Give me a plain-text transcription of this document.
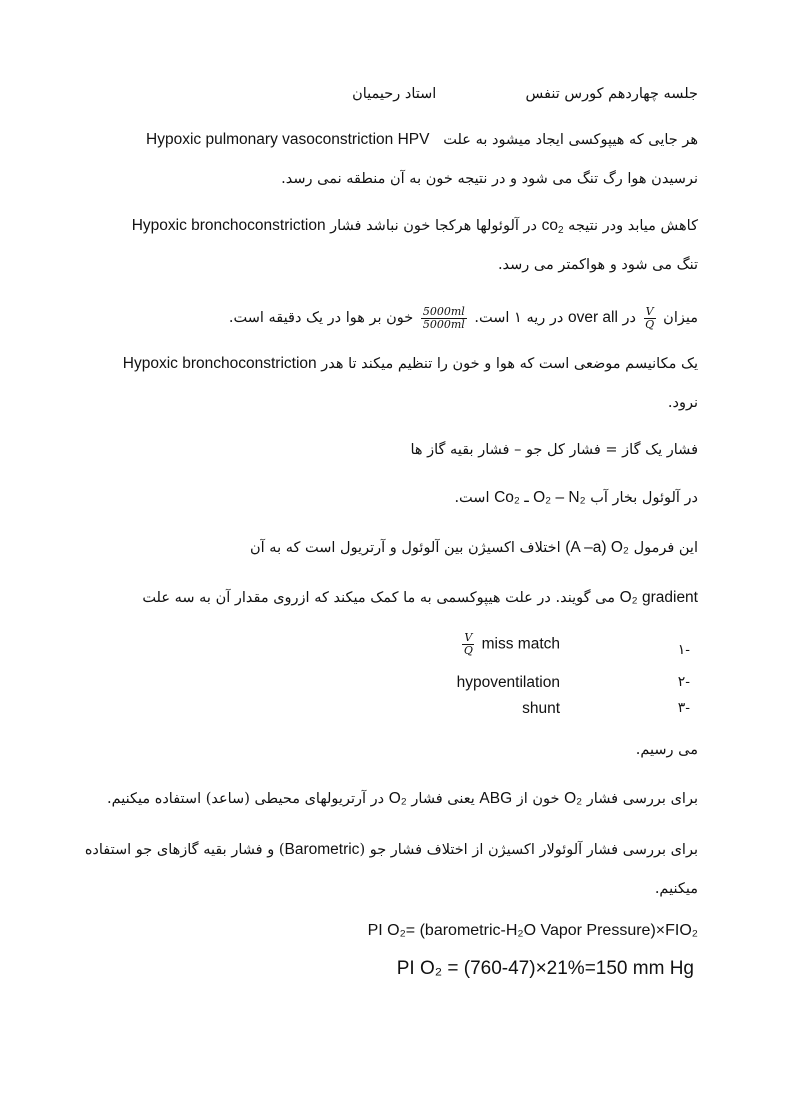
جلسه چهاردهم کورس تنفس  استاد رحیمیان
Hypoxic pulmonary vasoconstriction HPV هر جایی که هیپوکسی ایجاد میشود به علت
نرسیدن هوا رگ تنگ می شود و در نتیجه خون به آن منطقه نمی رسد.
Hypoxic bronchoconstriction در آلوئولها هرکجا خون نباشد فشار $co_2$ کاهش میابد ودر نتیجه
تنگ می شود و هواکمتر می رسد.
میزان
$\frac{V}{Q}$
در over all در ریه ۱ است.
$\frac{5000ml}{5000ml}$
خون بر هوا در یک دقیقه است.
Hypoxic bronchoconstriction یک مکانیسم موضعی است که هوا و خون را تنظیم میکند تا هدر
نرود.
فشار یک گاز = فشار کل جو – فشار بقیه گاز ها
در آلوئول بخار آب Co₂ ـ O₂ – N₂ است.
این فرمول (A –a) O₂ اختلاف اکسیژن بین آلوئول و آرتریول است که به آن
O₂ gradient می گویند. در علت هیپوکسمی به ما کمک میکند که ازروی مقدار آن به سه علت
-۱
$\frac{V}{Q}$ miss match
-۲
hypoventilation
-۳
shunt
می رسیم.
برای بررسی فشار O₂ خون از ABG یعنی فشار O₂ در آرتریولهای محیطی (ساعد) استفاده میکنیم.
برای بررسی فشار آلوئولار اکسیژن از اختلاف فشار جو (Barometric) و فشار بقیه گازهای جو استفاده
میکنیم.
PI O₂= (barometric-H₂O Vapor Pressure)×FIO₂
PI O₂ = (760-47)×21%=150 mm Hg
